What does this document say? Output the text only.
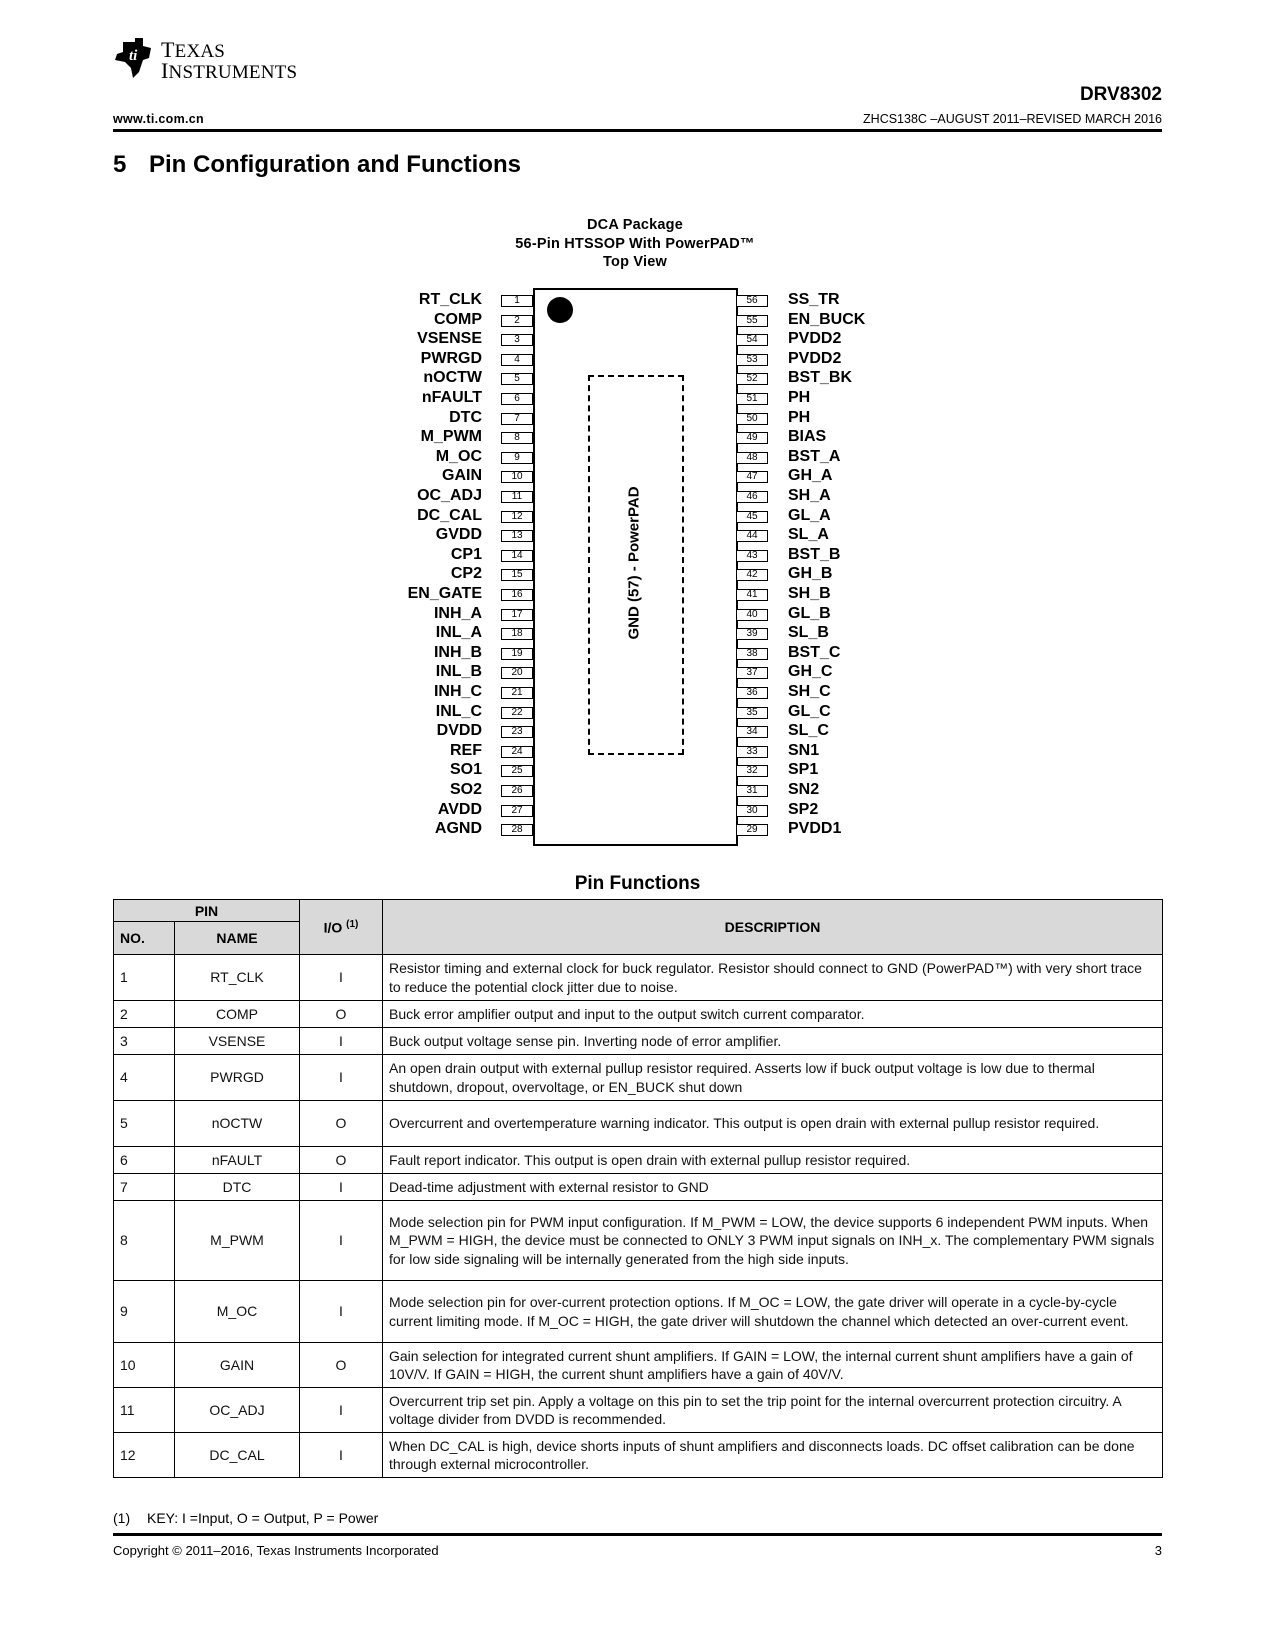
ti TEXAS
INSTRUMENTS
www.ti.com.cn
DRV8302
ZHCS138C –AUGUST 2011–REVISED MARCH 2016
5 Pin Configuration and Functions
DCA Package
56-Pin HTSSOP With PowerPAD™
Top View
GND (57) - PowerPAD
1
RT_CLK
2
COMP
3
VSENSE
4
PWRGD
5
nOCTW
6
nFAULT
7
DTC
8
M_PWM
9
M_OC
10
GAIN
11
OC_ADJ
12
DC_CAL
13
GVDD
14
CP1
15
CP2
16
EN_GATE
17
INH_A
18
INL_A
19
INH_B
20
INL_B
21
INH_C
22
INL_C
23
DVDD
24
REF
25
SO1
26
SO2
27
AVDD
28
AGND
56	SS_TR
55	EN_BUCK
54	PVDD2
53	PVDD2
52	BST_BK
51	PH
50	PH
49	BIAS
48	BST_A
47	GH_A
46	SH_A
45	GL_A
44	SL_A
43	BST_B
42	GH_B
41	SH_B
40	GL_B
39	SL_B
38	BST_C
37	GH_C
36	SH_C
35	GL_C
34	SL_C
33	SN1
32	SP1
31	SN2
30	SP2
29	PVDD1
Pin Functions
PIN		I/O $^{(1)}$	DESCRIPTION
NO.	NAME		
1	RT_CLK	I	Resistor timing and external clock for buck regulator. Resistor should connect to GND (PowerPAD™) with very short trace to reduce the potential clock jitter due to noise.
2	COMP	O	Buck error amplifier output and input to the output switch current comparator.
3	VSENSE	I	Buck output voltage sense pin. Inverting node of error amplifier.
4	PWRGD	I	An open drain output with external pullup resistor required. Asserts low if buck output voltage is low due to thermal shutdown, dropout, overvoltage, or EN_BUCK shut down
5	nOCTW	O	Overcurrent and overtemperature warning indicator. This output is open drain with external pullup resistor required.
6	nFAULT	O	Fault report indicator. This output is open drain with external pullup resistor required.
7	DTC	I	Dead-time adjustment with external resistor to GND
8	M_PWM	I	Mode selection pin for PWM input configuration. If M_PWM = LOW, the device supports 6 independent PWM inputs. When M_PWM = HIGH, the device must be connected to ONLY 3 PWM input signals on INH_x. The complementary PWM signals for low side signaling will be internally generated from the high side inputs.
9	M_OC	I	Mode selection pin for over-current protection options. If M_OC = LOW, the gate driver will operate in a cycle-by-cycle current limiting mode. If M_OC = HIGH, the gate driver will shutdown the channel which detected an over-current event.
10	GAIN	O	Gain selection for integrated current shunt amplifiers. If GAIN = LOW, the internal current shunt amplifiers have a gain of 10V/V. If GAIN = HIGH, the current shunt amplifiers have a gain of 40V/V.
11	OC_ADJ	I	Overcurrent trip set pin. Apply a voltage on this pin to set the trip point for the internal overcurrent protection circuitry. A voltage divider from DVDD is recommended.
12	DC_CAL	I	When DC_CAL is high, device shorts inputs of shunt amplifiers and disconnects loads. DC offset calibration can be done through external microcontroller.
(1) KEY: I =Input, O = Output, P = Power
Copyright © 2011–2016, Texas Instruments Incorporated	3
